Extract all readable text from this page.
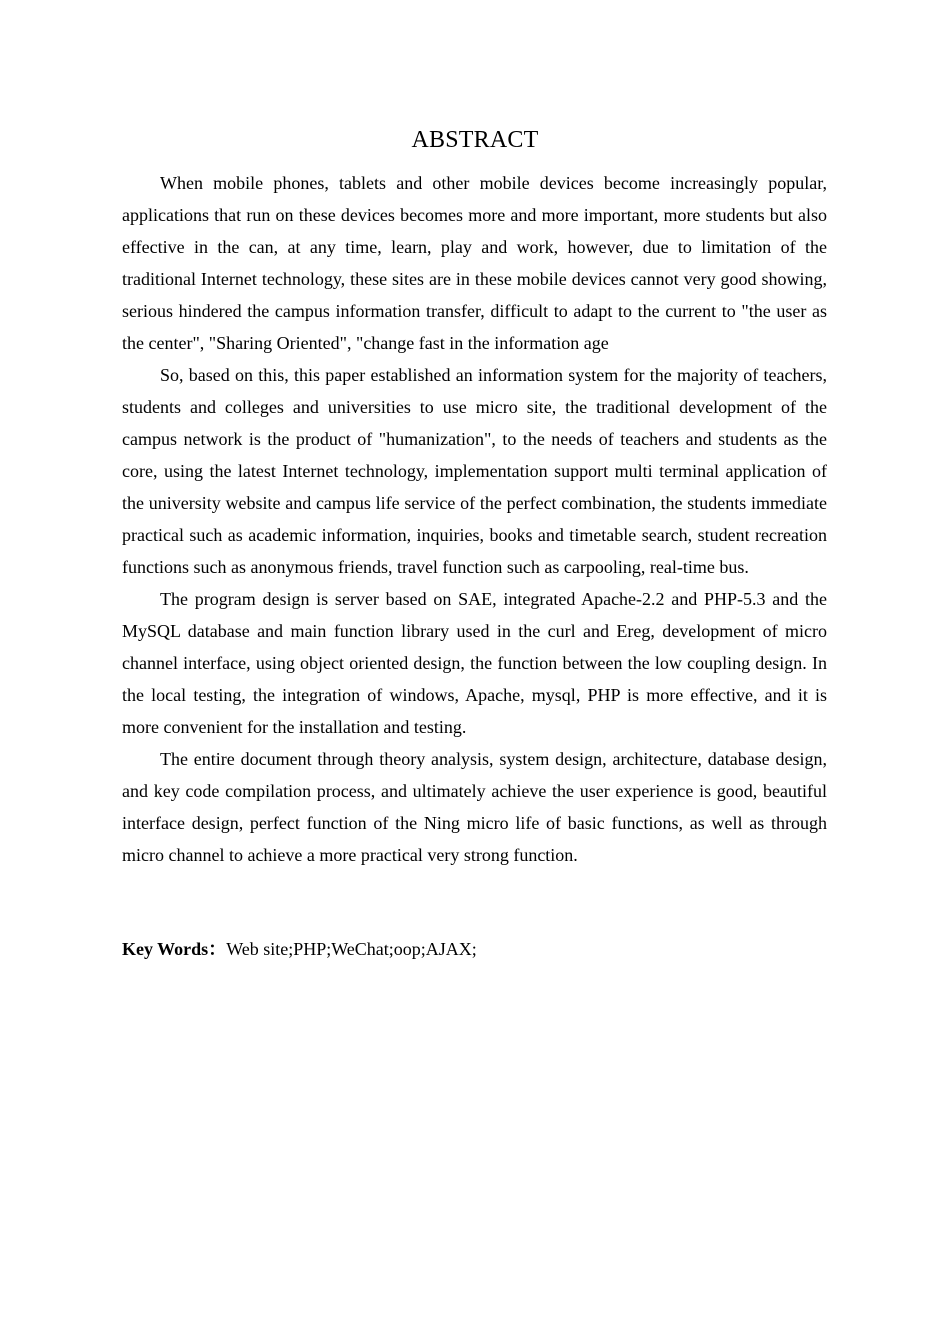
ABSTRACT

When mobile phones, tablets and other mobile devices become increasingly popular, applications that run on these devices becomes more and more important, more students but also effective in the can, at any time, learn, play and work, however, due to limitation of the traditional Internet technology, these sites are in these mobile devices cannot very good showing, serious hindered the campus information transfer, difficult to adapt to the current to "the user as the center", "Sharing Oriented", "change fast in the information age

So, based on this, this paper established an information system for the majority of teachers, students and colleges and universities to use micro site, the traditional development of the campus network is the product of "humanization", to the needs of teachers and students as the core, using the latest Internet technology, implementation support multi terminal application of the university website and campus life service of the perfect combination, the students immediate practical such as academic information, inquiries, books and timetable search, student recreation functions such as anonymous friends, travel function such as carpooling, real-time bus.

The program design is server based on SAE, integrated Apache-2.2 and PHP-5.3 and the MySQL database and main function library used in the curl and Ereg, development of micro channel interface, using object oriented design, the function between the low coupling design. In the local testing, the integration of windows, Apache, mysql, PHP is more effective, and it is more convenient for the installation and testing.

The entire document through theory analysis, system design, architecture, database design, and key code compilation process, and ultimately achieve the user experience is good, beautiful interface design, perfect function of the Ning micro life of basic functions, as well as through micro channel to achieve a more practical very strong function.

Key Words：Web site;PHP;WeChat;oop;AJAX;
